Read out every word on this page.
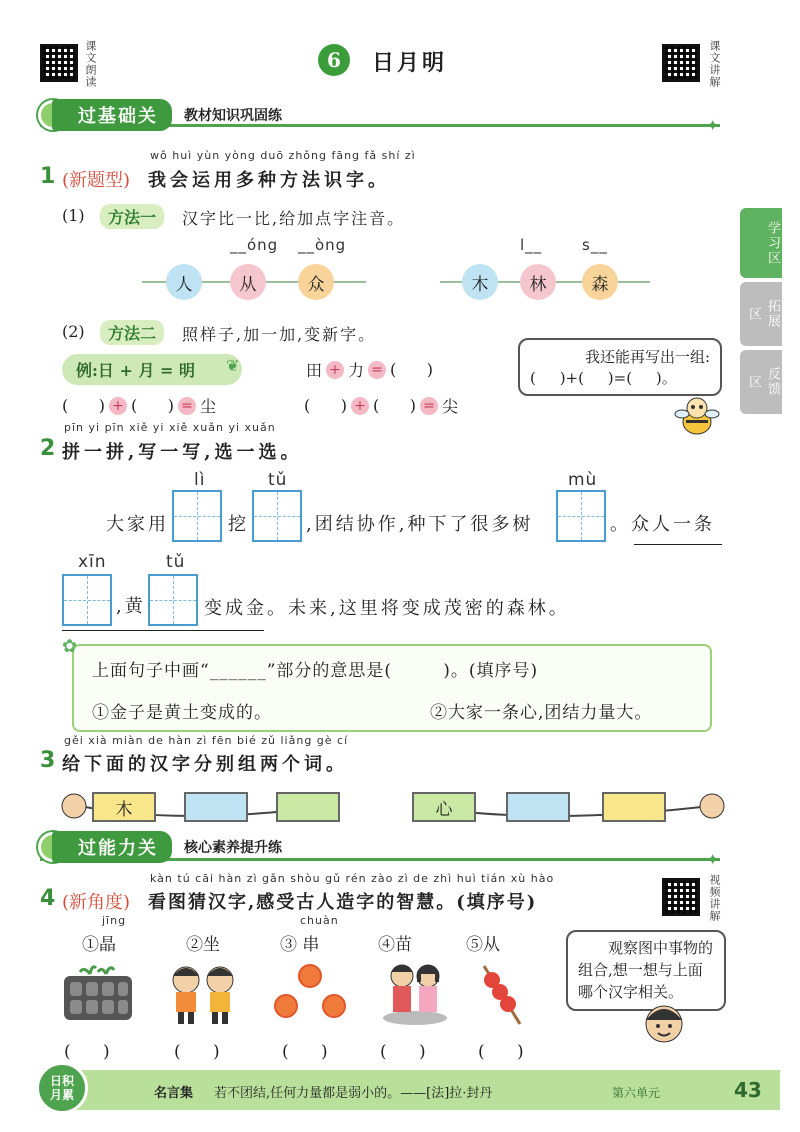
课文朗读	6	日月明	课文讲解
过基础关	教材知识巩固练	✦
学习区
拓展区
反馈区
wǒ huì yùn yòng duō zhǒng fāng fǎ shí zì
1 (新题型) 我会运用多种方法识字。
(1)	方法一	汉字比一比,给加点字注音。
__óng __òng	l__	s__
人	从	众	木	林	森
(2)	方法二	照样子,加一加,变新字。
例:日 + 月 = 明	❦	田 + 力 = (      )
(      ) + (      ) = 尘	(      ) + (      ) = 尖
我还能再写出一组:
(     )+(     )=(     )。
pīn yi pīn xiě yi xiě xuǎn yi xuǎn
2 拼一拼,写一写,选一选。
lì	tǔ	mù
大家用	挖	,团结协作,种下了很多树	。众人一条
xīn	tǔ
,黄	变成金。未来,这里将变成茂密的森林。
✿
上面句子中画“______”部分的意思是(        )。(填序号)
①金子是黄土变成的。	②大家一条心,团结力量大。
gěi xià miàn de hàn zì fēn bié zǔ liǎng gè cí
3 给下面的汉字分别组两个词。
木	心
过能力关	核心素养提升练
✦
kàn tú cāi hàn zì gǎn shòu gǔ rén zào zì de zhì huì tián xù hào
4 (新角度) 看图猜汉字,感受古人造字的智慧。(填序号)	视频讲解
jīng	chuàn
①晶	②坐	③ 串	④苗	⑤从	观察图中事物的组合,想一想与上面哪个汉字相关。
(      )	(      )	(      )	(      )	(      )
日积月累	名言集 若不团结,任何力量都是弱小的。——[法]拉·封丹	第六单元	43
